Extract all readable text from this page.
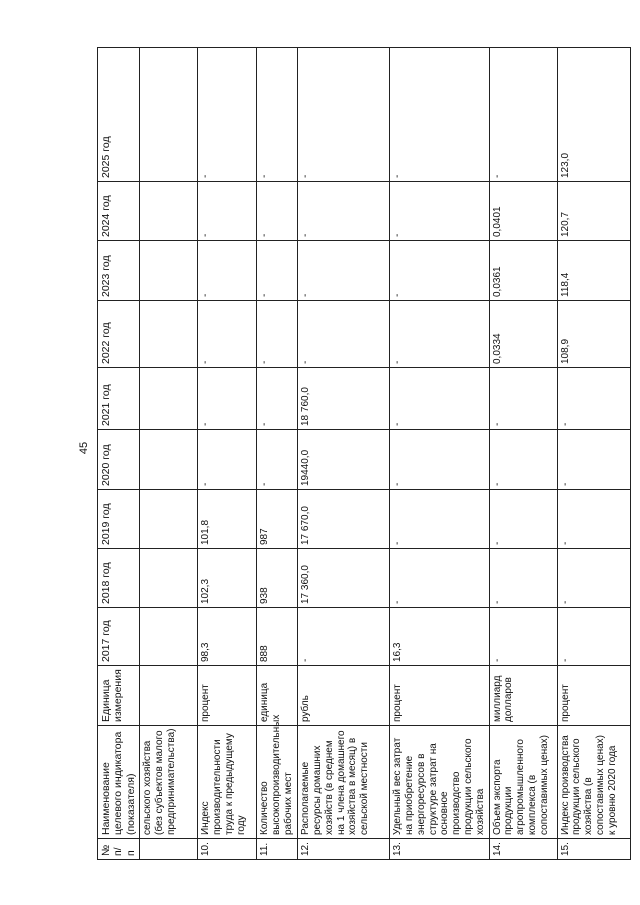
45
№ п/п	Наименование целевого индикатора (показателя)	Единица измерения	2017 год	2018 год	2019 год	2020 год	2021 год	2022 год	2023 год	2024 год	2025 год
	сельского хозяйства (без субъектов малого предпринимательства)										
10.	Индекс производительности труда к предыдущему году	процент	98,3	102,3	101,8	-	-	-	-	-	-
11.	Количество высокопроизводительных рабочих мест	единица	888	938	987	-	-	-	-	-	-
12.	Располагаемые ресурсы домашних хозяйств (в среднем на 1 члена домашнего хозяйства в месяц) в сельской местности	рубль	-	17 360,0	17 670,0	19440,0	18 760,0	-	-	-	-
13.	Удельный вес затрат на приобретение энергоресурсов в структуре затрат на основное производство продукции сельского хозяйства	процент	16,3	-	-	-	-	-	-	-	-
14.	Объем экспорта продукции агропромышленного комплекса (в сопоставимых ценах)	миллиард долларов	-	-	-	-	-	0,0334	0,0361	0,0401	-
15.	Индекс производства продукции сельского хозяйства (в сопоставимых ценах) к уровню 2020 года	процент	-	-	-	-	-	108,9	118,4	120,7	123,0
